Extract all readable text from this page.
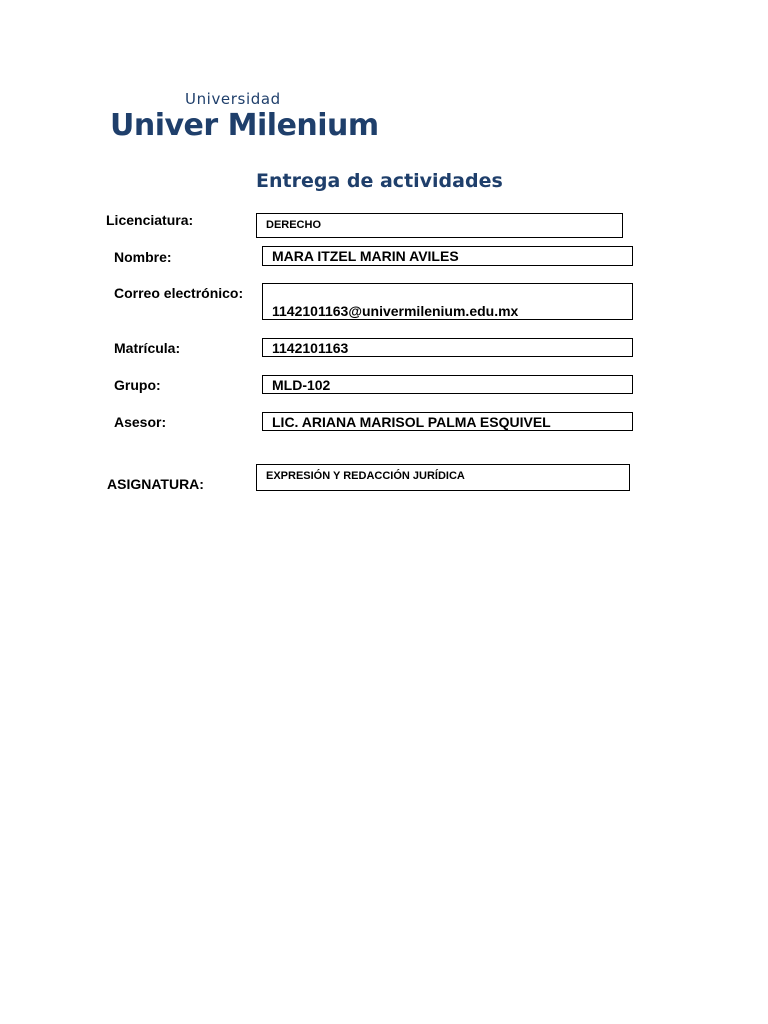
Universidad
Univer Milenium
Entrega de actividades
Licenciatura:	DERECHO
Nombre:	MARA ITZEL MARIN AVILES
Correo electrónico:
1142101163@univermilenium.edu.mx
Matrícula:	1142101163
Grupo:	MLD-102
Asesor:	LIC. ARIANA MARISOL PALMA ESQUIVEL
ASIGNATURA:	EXPRESIÓN Y REDACCIÓN JURÍDICA
